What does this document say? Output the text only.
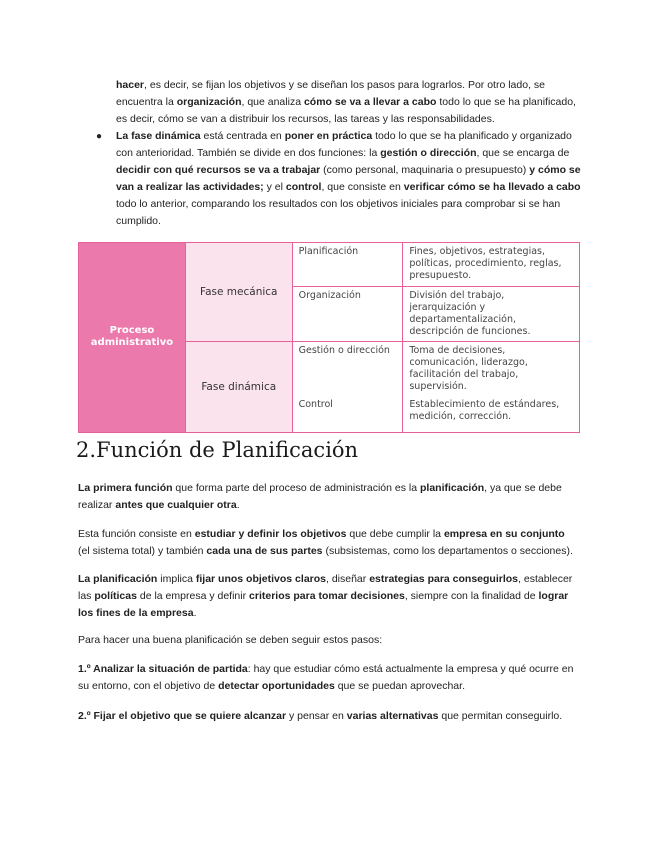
hacer, es decir, se fijan los objetivos y se diseñan los pasos para lograrlos. Por otro lado, se encuentra la organización, que analiza cómo se va a llevar a cabo todo lo que se ha planificado, es decir, cómo se van a distribuir los recursos, las tareas y las responsabilidades.

● La fase dinámica está centrada en poner en práctica todo lo que se ha planificado y organizado con anterioridad. También se divide en dos funciones: la gestión o dirección, que se encarga de decidir con qué recursos se va a trabajar (como personal, maquinaria o presupuesto) y cómo se van a realizar las actividades; y el control, que consiste en verificar cómo se ha llevado a cabo todo lo anterior, comparando los resultados con los objetivos iniciales para comprobar si se han cumplido.

Proceso administrativo	Fase mecánica	Planificación	Fines, objetivos, estrategias, políticas, procedimiento, reglas, presupuesto.
		Organización	División del trabajo, jerarquización y departamentalización, descripción de funciones.
	Fase dinámica	Gestión o dirección	Toma de decisiones, comunicación, liderazgo, facilitación del trabajo, supervisión.
		Control	Establecimiento de estándares, medición, corrección.
2.Función de Planificación

La primera función que forma parte del proceso de administración es la planificación, ya que se debe realizar antes que cualquier otra.

Esta función consiste en estudiar y definir los objetivos que debe cumplir la empresa en su conjunto (el sistema total) y también cada una de sus partes (subsistemas, como los departamentos o secciones).

La planificación implica fijar unos objetivos claros, diseñar estrategias para conseguirlos, establecer las políticas de la empresa y definir criterios para tomar decisiones, siempre con la finalidad de lograr los fines de la empresa.

Para hacer una buena planificación se deben seguir estos pasos:

1.º Analizar la situación de partida: hay que estudiar cómo está actualmente la empresa y qué ocurre en su entorno, con el objetivo de detectar oportunidades que se puedan aprovechar.

2.º Fijar el objetivo que se quiere alcanzar y pensar en varias alternativas que permitan conseguirlo.
